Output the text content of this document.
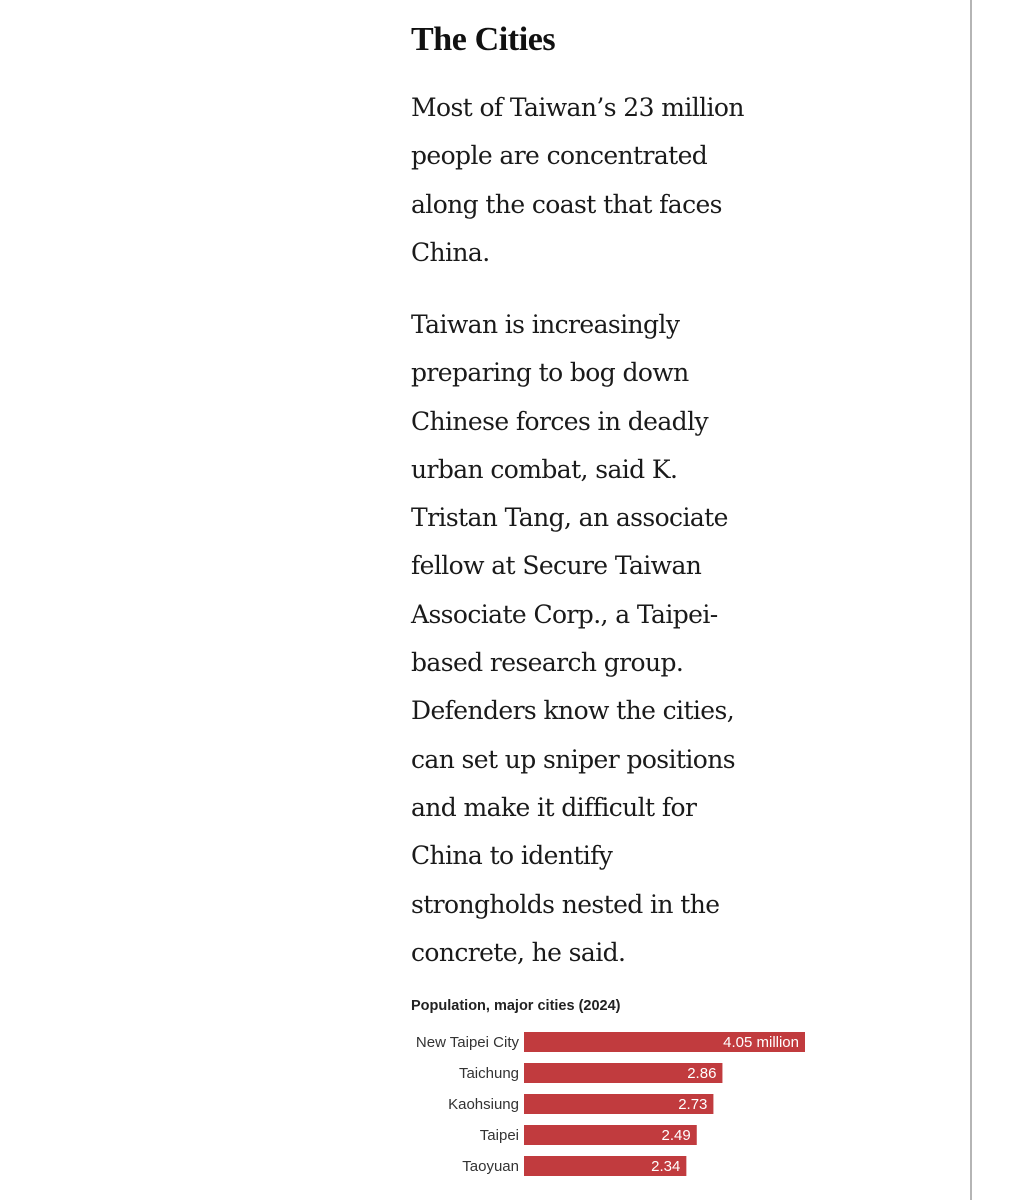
The Cities

Most of Taiwan’s 23 million
people are concentrated
along the coast that faces
China.

Taiwan is increasingly
preparing to bog down
Chinese forces in deadly
urban combat, said K.
Tristan Tang, an associate
fellow at Secure Taiwan
Associate Corp., a Taipei-
based research group.
Defenders know the cities,
can set up sniper positions
and make it difficult for
China to identify
strongholds nested in the
concrete, he said.

Population, major cities (2024)
New Taipei City	4.05 million
Taichung	2.86
Kaohsiung	2.73
Taipei	2.49
Taoyuan	2.34
